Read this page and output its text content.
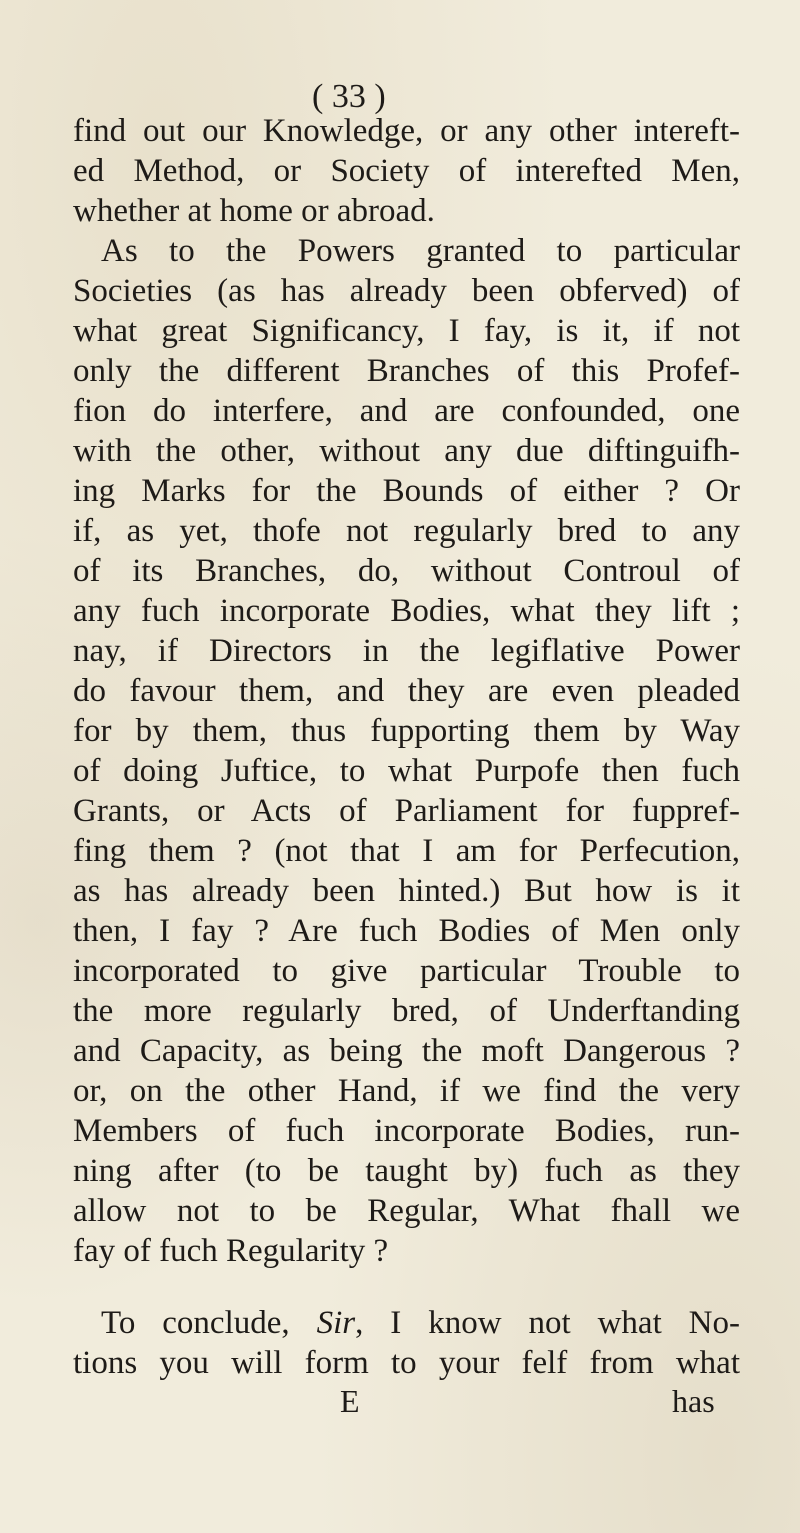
( 33 )
find out our Knowledge, or any other intereft-
ed Method, or Society of interefted Men,
whether at home or abroad.
As to the Powers granted to particular
Societies (as has already been obferved) of
what great Significancy, I fay, is it, if not
only the different Branches of this Profef-
fion do interfere, and are confounded, one
with the other, without any due diftinguifh-
ing Marks for the Bounds of either ? Or
if, as yet, thofe not regularly bred to any
of its Branches, do, without Controul of
any fuch incorporate Bodies, what they lift ;
nay, if Directors in the legiflative Power
do favour them, and they are even pleaded
for by them, thus fupporting them by Way
of doing Juftice, to what Purpofe then fuch
Grants, or Acts of Parliament for fuppref-
fing them ? (not that I am for Perfecution,
as has already been hinted.) But how is it
then, I fay ? Are fuch Bodies of Men only
incorporated to give particular Trouble to
the more regularly bred, of Underftanding
and Capacity, as being the moft Dangerous ?
or, on the other Hand, if we find the very
Members of fuch incorporate Bodies, run-
ning after (to be taught by) fuch as they
allow not to be Regular, What fhall we
fay of fuch Regularity ?
To conclude, Sir, I know not what No-
tions you will form to your felf from what
E	has
